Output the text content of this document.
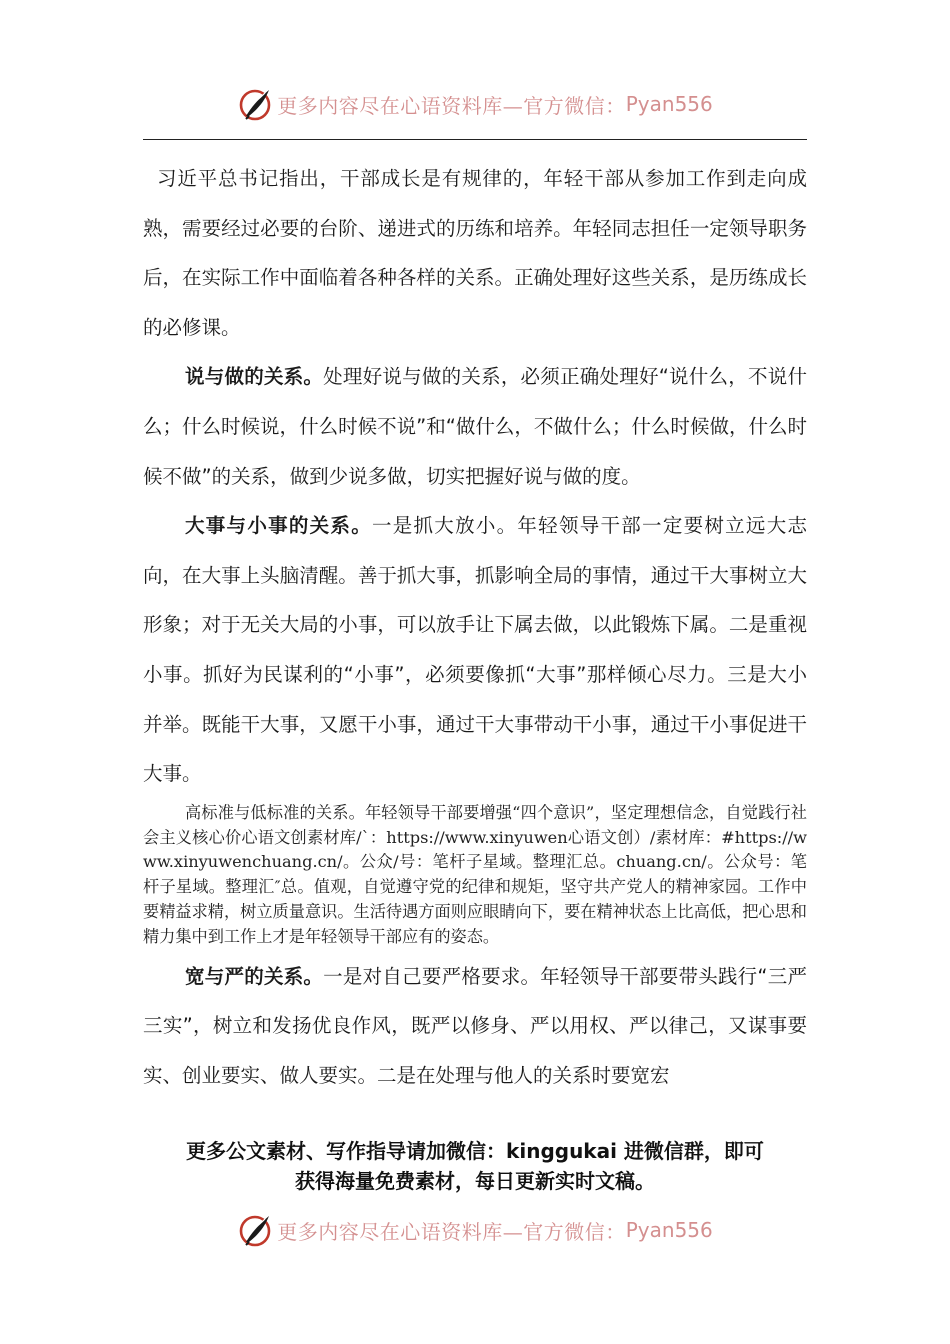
更多内容尽在心语资料库—官方微信： Pyan556

习近平总书记指出，干部成长是有规律的，年轻干部从参加工作到走向成熟，需要经过必要的台阶、递进式的历练和培养。年轻同志担任一定领导职务后，在实际工作中面临着各种各样的关系。正确处理好这些关系，是历练成长的必修课。

说与做的关系。处理好说与做的关系，必须正确处理好“说什么，不说什么；什么时候说，什么时候不说”和“做什么，不做什么；什么时候做，什么时候不做”的关系，做到少说多做，切实把握好说与做的度。

大事与小事的关系。一是抓大放小。年轻领导干部一定要树立远大志向，在大事上头脑清醒。善于抓大事，抓影响全局的事情，通过干大事树立大形象；对于无关大局的小事，可以放手让下属去做，以此锻炼下属。二是重视小事。抓好为民谋利的“小事”，必须要像抓“大事”那样倾心尽力。三是大小并举。既能干大事，又愿干小事，通过干大事带动干小事，通过干小事促进干大事。

高标准与低标准的关系。年轻领导干部要增强“四个意识”，坚定理想信念，自觉践行社会主义核心价心语文创素材库/`：https://www.xinyuwen心语文创）/素材库：#https://www.xinyuwenchuang.cn/。公众/号：笔杆子星域。整理汇总。chuang.cn/。公众号：笔杆子星域。整理汇″总。值观，自觉遵守党的纪律和规矩，坚守共产党人的精神家园。工作中要精益求精，树立质量意识。生活待遇方面则应眼睛向下，要在精神状态上比高低，把心思和精力集中到工作上才是年轻领导干部应有的姿态。

宽与严的关系。一是对自己要严格要求。年轻领导干部要带头践行“三严三实”，树立和发扬优良作风，既严以修身、严以用权、严以律己，又谋事要实、创业要实、做人要实。二是在处理与他人的关系时要宽宏

更多公文素材、写作指导请加微信：kinggukai 进微信群，即可
获得海量免费素材，每日更新实时文稿。
更多内容尽在心语资料库—官方微信： Pyan556
